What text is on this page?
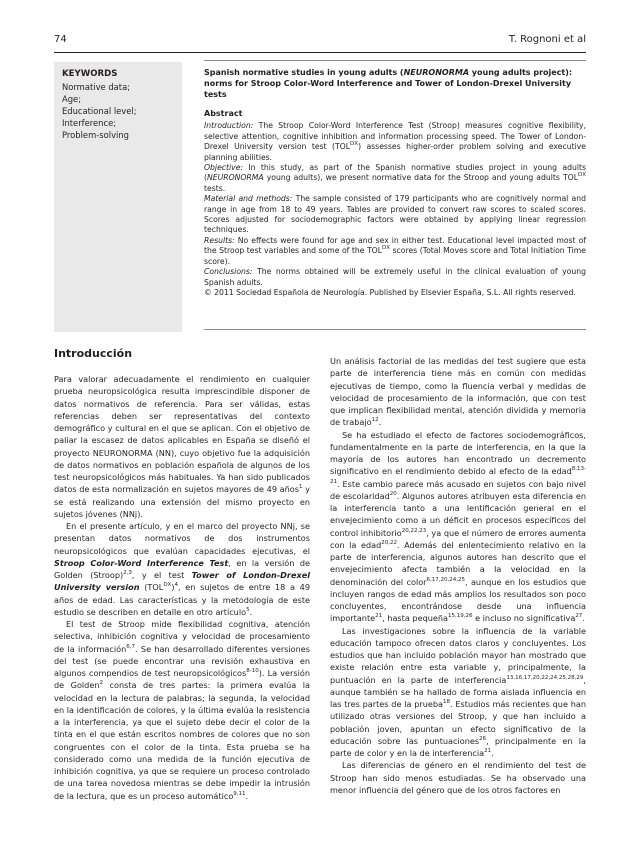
74	T. Rognoni et al
KEYWORDS
Normative data;
Age;
Educational level;
Interference;
Problem-solving
Spanish normative studies in young adults (NEURONORMA young adults project): norms for Stroop Color-Word Interference and Tower of London-Drexel University tests
Abstract

Introduction: The Stroop Color-Word Interference Test (Stroop) measures cognitive flexibility, selective attention, cognitive inhibition and information processing speed. The Tower of London-Drexel University version test $(TOL^{DX})$ assesses higher-order problem solving and executive planning abilities.

Objective: In this study, as part of the Spanish normative studies project in young adults (NEURONORMA young adults), we present normative data for the Stroop and young adults $TOL^{DX}$ tests.

Material and methods: The sample consisted of 179 participants who are cognitively normal and range in age from 18 to 49 years. Tables are provided to convert raw scores to scaled scores. Scores adjusted for sociodemographic factors were obtained by applying linear regression techniques.

Results: No effects were found for age and sex in either test. Educational level impacted most of the Stroop test variables and some of the $TOL^{DX}$ scores (Total Moves score and Total Initiation Time score).

Conclusions: The norms obtained will be extremely useful in the clinical evaluation of young Spanish adults.

© 2011 Sociedad Española de Neurología. Published by Elsevier España, S.L. All rights reserved.

Introducción

Para valorar adecuadamente el rendimiento en cualquier prueba neuropsicológica resulta imprescindible disponer de datos normativos de referencia. Para ser válidas, estas referencias deben ser representativas del contexto demográfico y cultural en el que se aplican. Con el objetivo de paliar la escasez de datos aplicables en España se diseñó el proyecto NEURONORMA (NN), cuyo objetivo fue la adquisición de datos normativos en población española de algunos de los test neuropsicológicos más habituales. Ya han sido publicados datos de esta normalización en sujetos mayores de 49 años$^1$ y se está realizando una extensión del mismo proyecto en sujetos jóvenes (NNj).

En el presente artículo, y en el marco del proyecto NNj, se presentan datos normativos de dos instrumentos neuropsicológicos que evalúan capacidades ejecutivas, el Stroop Color-Word Interference Test, en la versión de Golden (Stroop)$^{2,3}$, y el test Tower of London-Drexel University version $(TOL^{DX})^4$, en sujetos de entre 18 a 49 años de edad. Las características y la metodología de este estudio se describen en detalle en otro artículo$^5$.

El test de Stroop mide flexibilidad cognitiva, atención selectiva, inhibición cognitiva y velocidad de procesamiento de la información$^{6,7}$. Se han desarrollado diferentes versiones del test (se puede encontrar una revisión exhaustiva en algunos compendios de test neuropsicológicos$^{8-10}$). La versión de Golden$^2$ consta de tres partes: la primera evalúa la velocidad en la lectura de palabras; la segunda, la velocidad en la identificación de colores, y la última evalúa la resistencia a la interferencia, ya que el sujeto debe decir el color de la tinta en el que están escritos nombres de colores que no son congruentes con el color de la tinta. Esta prueba se ha considerado como una medida de la función ejecutiva de inhibición cognitiva, ya que se requiere un proceso controlado de una tarea novedosa mientras se debe impedir la intrusión de la lectura, que es un proceso automático$^{9,11}$.

Un análisis factorial de las medidas del test sugiere que esta parte de interferencia tiene más en común con medidas ejecutivas de tiempo, como la fluencia verbal y medidas de velocidad de procesamiento de la información, que con test que implican flexibilidad mental, atención dividida y memoria de trabajo$^{12}$.

Se ha estudiado el efecto de factores sociodemográficos, fundamentalmente en la parte de interferencia, en la que la mayoría de los autores han encontrado un decremento significativo en el rendimiento debido al efecto de la edad$^{8,13-21}$. Este cambio parece más acusado en sujetos con bajo nivel de escolaridad$^{20}$. Algunos autores atribuyen esta diferencia en la interferencia tanto a una lentificación general en el envejecimiento como a un déficit en procesos específicos del control inhibitorio$^{20,22,23}$, ya que el número de errores aumenta con la edad$^{20,22}$. Además del enlentecimiento relativo en la parte de interferencia, algunos autores han descrito que el envejecimiento afecta también a la velocidad en la denominación del color$^{6,17,20,24,25}$, aunque en los estudios que incluyen rangos de edad más amplios los resultados son poco concluyentes, encontrándose desde una influencia importante$^{21}$, hasta pequeña$^{15,19,26}$ e incluso no significativa$^{27}$.

Las investigaciones sobre la influencia de la variable educación tampoco ofrecen datos claros y concluyentes. Los estudios que han incluido población mayor han mostrado que existe relación entre esta variable y, principalmente, la puntuación en la parte de interferencia$^{13,16,17,20,22,24,25,28,29}$, aunque también se ha hallado de forma aislada influencia en las tres partes de la prueba$^{18}$. Estudios más recientes que han utilizado otras versiones del Stroop, y que han incluido a población joven, apuntan un efecto significativo de la educación sobre las puntuaciones$^{26}$, principalmente en la parte de color y en la de interferencia$^{21}$.

Las diferencias de género en el rendimiento del test de Stroop han sido menos estudiadas. Se ha observado una menor influencia del género que de los otros factores en
